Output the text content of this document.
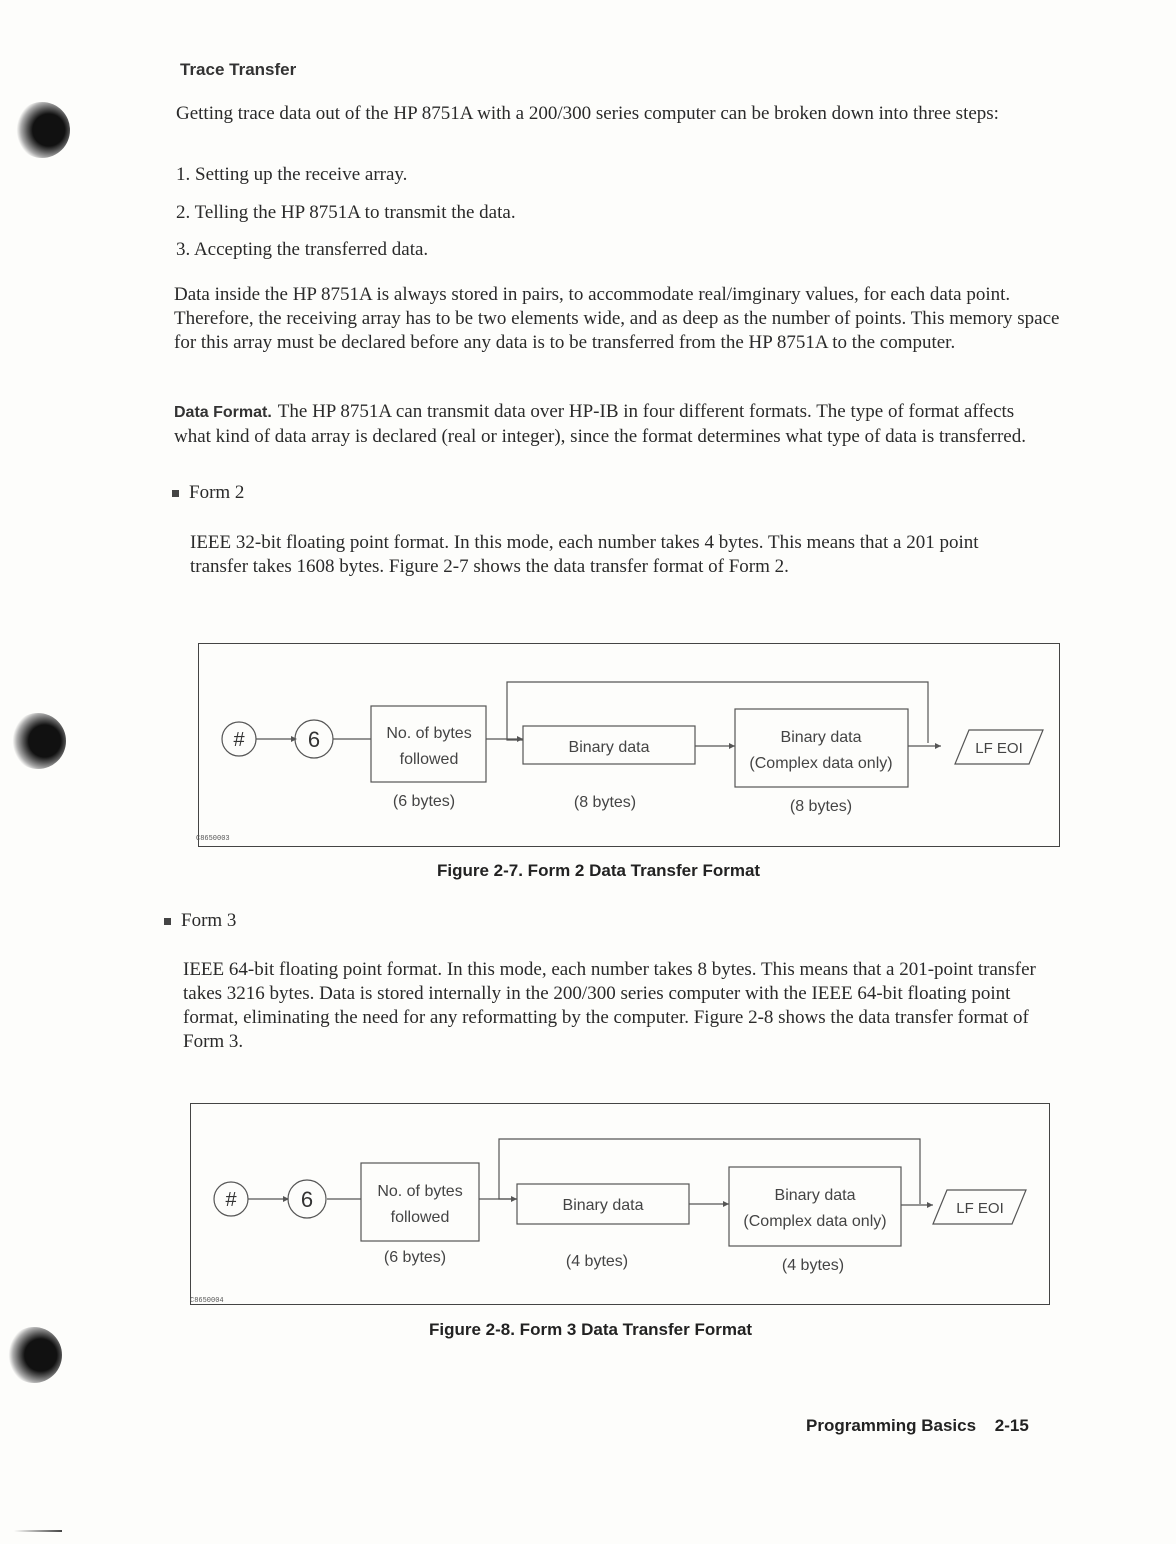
Trace Transfer
Getting trace data out of the HP 8751A with a 200/300 series computer can be broken down into three steps:
1. Setting up the receive array.
2. Telling the HP 8751A to transmit the data.
3. Accepting the transferred data.
Data inside the HP 8751A is always stored in pairs, to accommodate real/imginary values, for each data point. Therefore, the receiving array has to be two elements wide, and as deep as the number of points. This memory space for this array must be declared before any data is to be transferred from the HP 8751A to the computer.
Data Format. The HP 8751A can transmit data over HP-IB in four different formats. The type of format affects what kind of data array is declared (real or integer), since the format determines what type of data is transferred.
Form 2
IEEE 32-bit floating point format. In this mode, each number takes 4 bytes. This means that a 201 point transfer takes 1608 bytes. Figure 2-7 shows the data transfer format of Form 2.
#	6	No. of bytes
followed
Binary data
Binary data
(Complex data only)
LF EOI
(6 bytes)	(8 bytes)	(8 bytes)
C8650003
Figure 2-7. Form 2 Data Transfer Format
Form 3
IEEE 64-bit floating point format. In this mode, each number takes 8 bytes. This means that a 201-point transfer takes 3216 bytes. Data is stored internally in the 200/300 series computer with the IEEE 64-bit floating point format, eliminating the need for any reformatting by the computer. Figure 2-8 shows the data transfer format of Form 3.
#	6	No. of bytes
followed
Binary data
Binary data
(Complex data only)
LF EOI
(6 bytes)	(4 bytes)	(4 bytes)
C8650004
Figure 2-8. Form 3 Data Transfer Format
Programming Basics 2-15
